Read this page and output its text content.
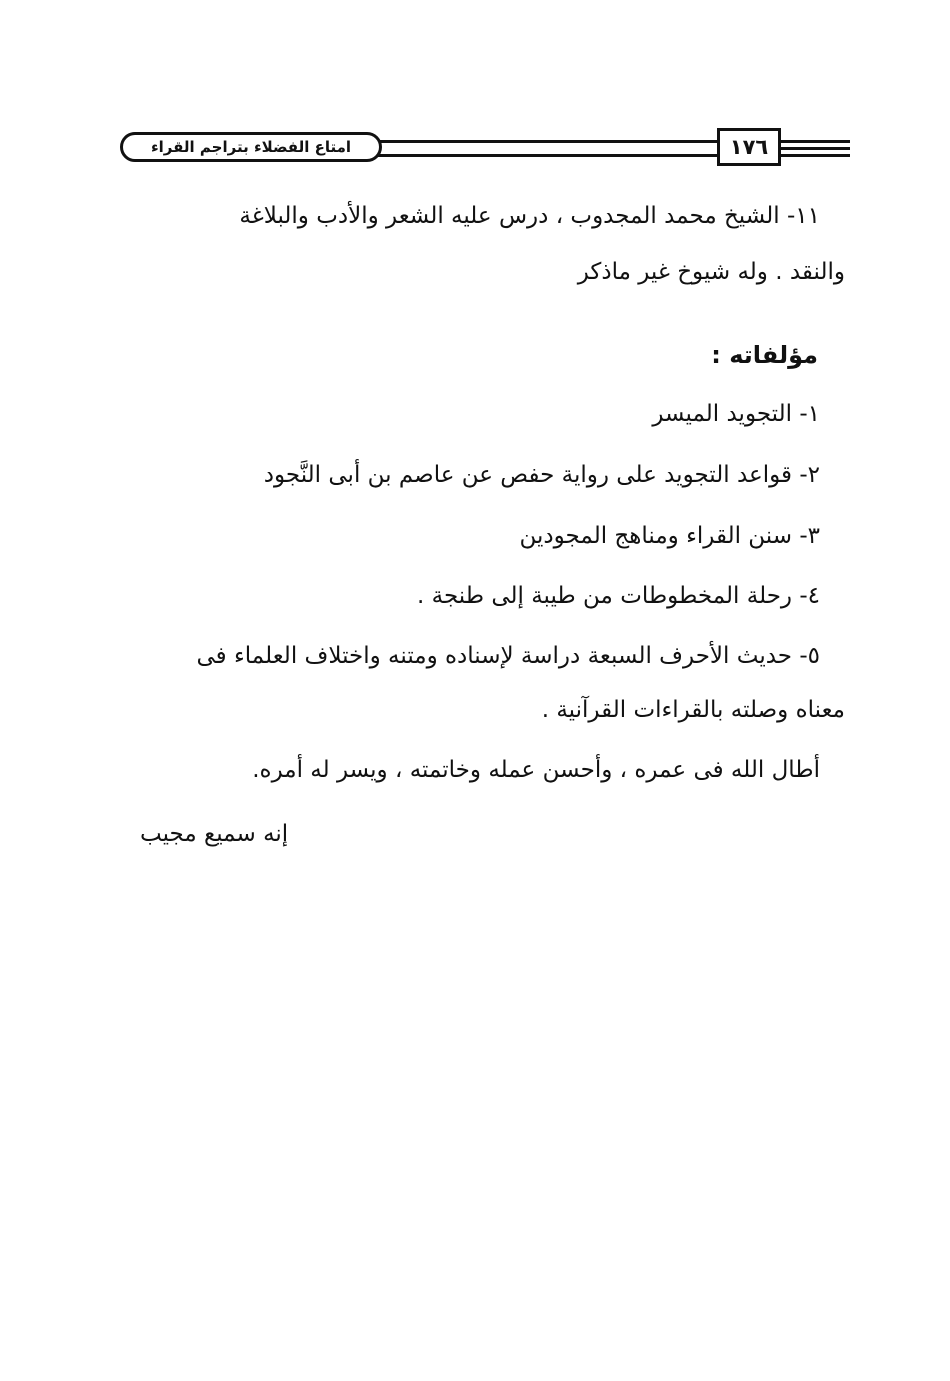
امتاع الفضلاء بتراجم القراء	١٧٦
١١- الشيخ محمد المجدوب ، درس عليه الشعر والأدب والبلاغة
والنقد . وله شيوخ غير ماذكر
مؤلفاته :
١- التجويد الميسر
٢- قواعد التجويد على رواية حفص عن عاصم بن أبى النَّجود
٣- سنن القراء ومناهج المجودين
٤- رحلة المخطوطات من طيبة إلى طنجة .
٥- حديث الأحرف السبعة دراسة لإسناده ومتنه واختلاف العلماء فى
معناه وصلته بالقراءات القرآنية .
أطال الله فى عمره ، وأحسن عمله وخاتمته ، ويسر له أمره.
إنه سميع مجيب
